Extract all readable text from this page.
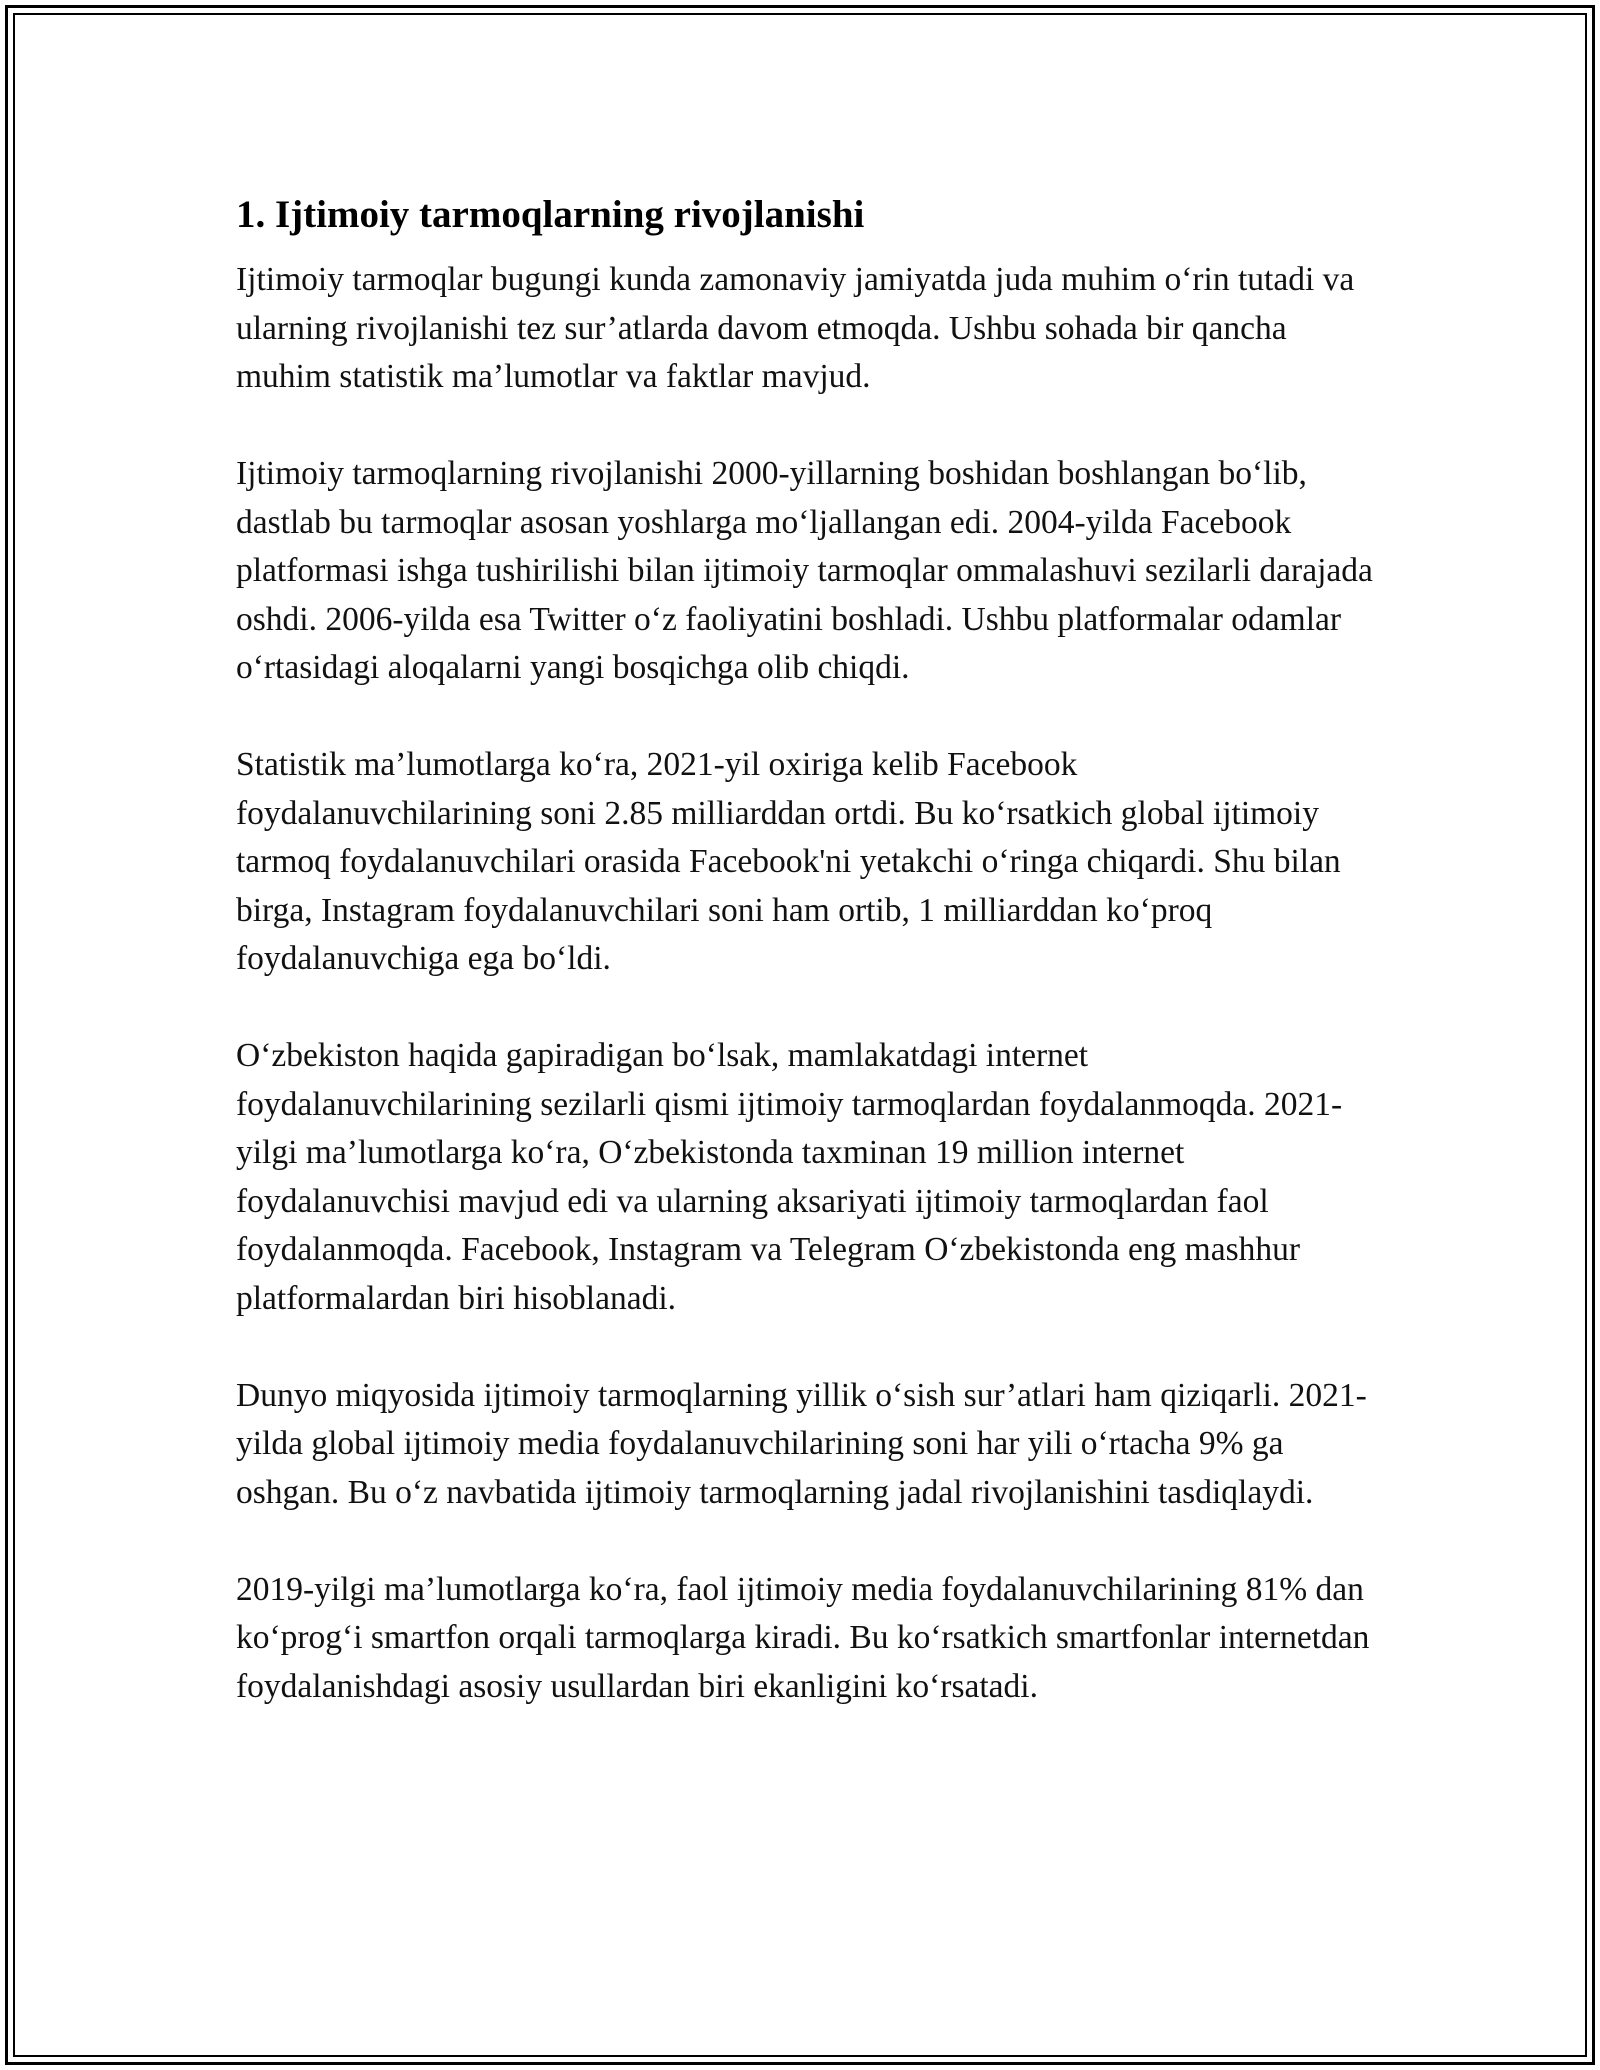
1. Ijtimoiy tarmoqlarning rivojlanishi

Ijtimoiy tarmoqlar bugungi kunda zamonaviy jamiyatda juda muhim o‘rin tutadi va ularning rivojlanishi tez sur’atlarda davom etmoqda. Ushbu sohada bir qancha muhim statistik ma’lumotlar va faktlar mavjud.

Ijtimoiy tarmoqlarning rivojlanishi 2000-yillarning boshidan boshlangan bo‘lib, dastlab bu tarmoqlar asosan yoshlarga mo‘ljallangan edi. 2004-yilda Facebook platformasi ishga tushirilishi bilan ijtimoiy tarmoqlar ommalashuvi sezilarli darajada oshdi. 2006-yilda esa Twitter o‘z faoliyatini boshladi. Ushbu platformalar odamlar o‘rtasidagi aloqalarni yangi bosqichga olib chiqdi.

Statistik ma’lumotlarga ko‘ra, 2021-yil oxiriga kelib Facebook foydalanuvchilarining soni 2.85 milliarddan ortdi. Bu ko‘rsatkich global ijtimoiy tarmoq foydalanuvchilari orasida Facebook'ni yetakchi o‘ringa chiqardi. Shu bilan birga, Instagram foydalanuvchilari soni ham ortib, 1 milliarddan ko‘proq foydalanuvchiga ega bo‘ldi.

O‘zbekiston haqida gapiradigan bo‘lsak, mamlakatdagi internet foydalanuvchilarining sezilarli qismi ijtimoiy tarmoqlardan foydalanmoqda. 2021-yilgi ma’lumotlarga ko‘ra, O‘zbekistonda taxminan 19 million internet foydalanuvchisi mavjud edi va ularning aksariyati ijtimoiy tarmoqlardan faol foydalanmoqda. Facebook, Instagram va Telegram O‘zbekistonda eng mashhur platformalardan biri hisoblanadi.

Dunyo miqyosida ijtimoiy tarmoqlarning yillik o‘sish sur’atlari ham qiziqarli. 2021-yilda global ijtimoiy media foydalanuvchilarining soni har yili o‘rtacha 9% ga oshgan. Bu o‘z navbatida ijtimoiy tarmoqlarning jadal rivojlanishini tasdiqlaydi.

2019-yilgi ma’lumotlarga ko‘ra, faol ijtimoiy media foydalanuvchilarining 81% dan ko‘prog‘i smartfon orqali tarmoqlarga kiradi. Bu ko‘rsatkich smartfonlar internetdan foydalanishdagi asosiy usullardan biri ekanligini ko‘rsatadi.
